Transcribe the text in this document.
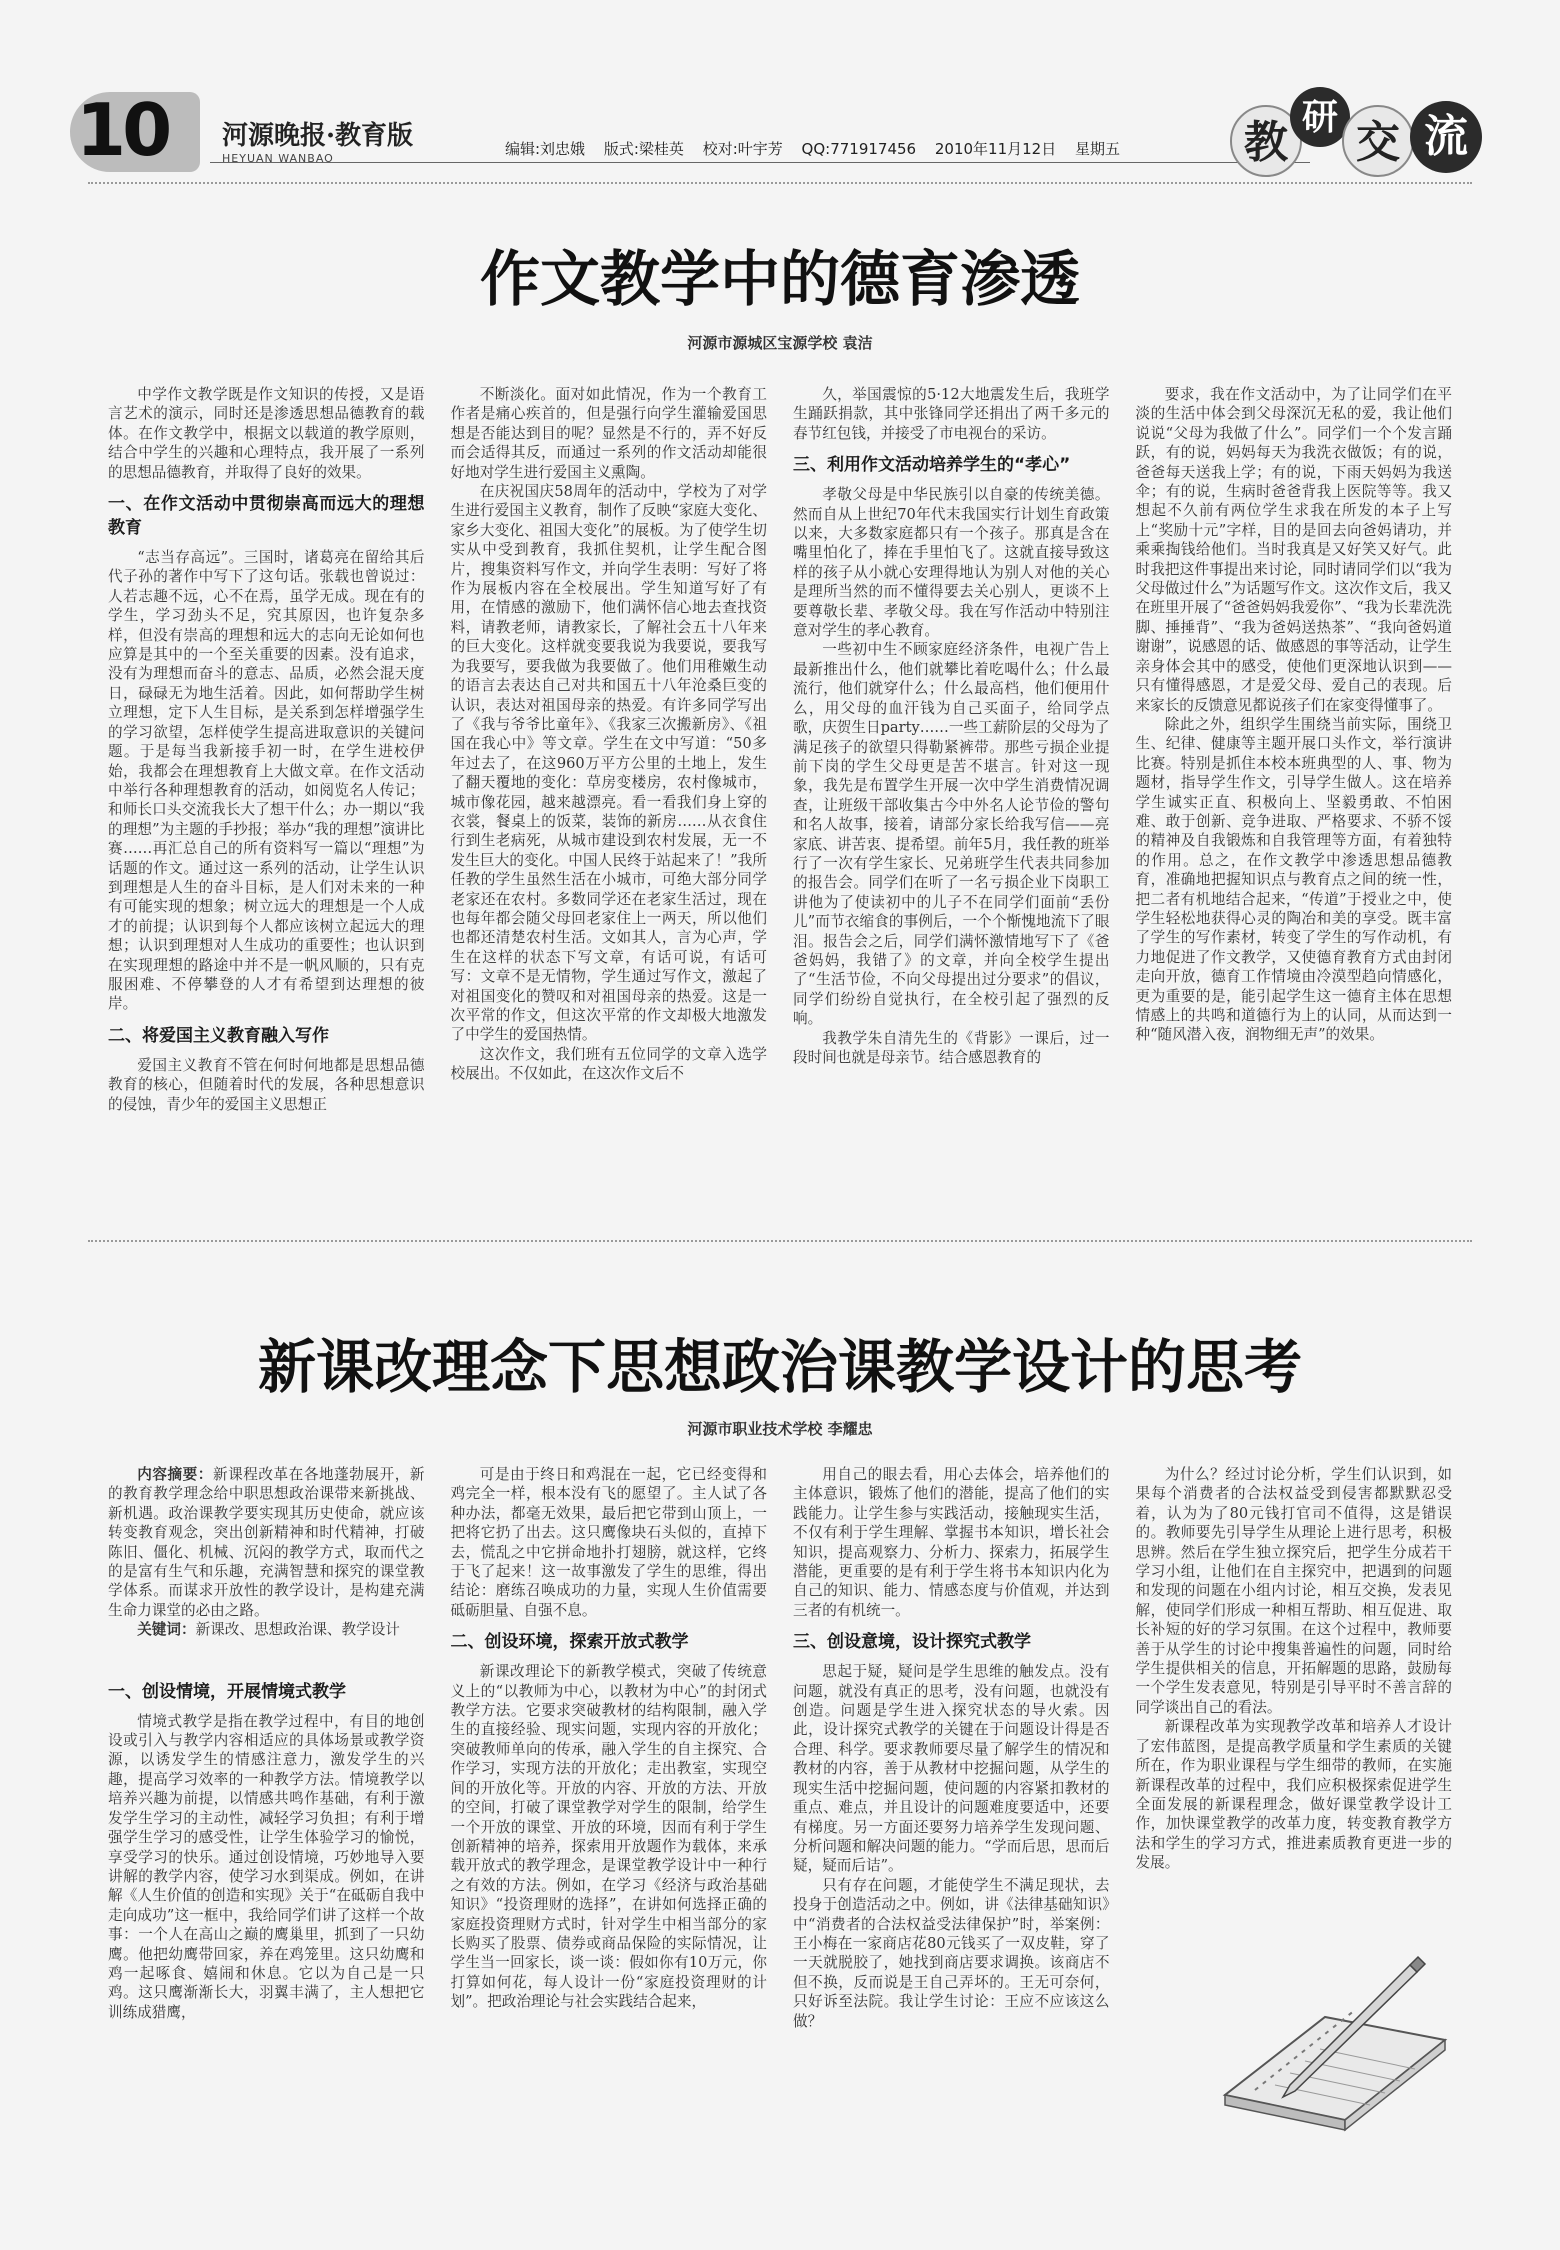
10 河源晚报·教育版
HEYUAN WANBAO
编辑:刘忠娥 版式:梁桂英 校对:叶宇芳 QQ:771917456 2010年11月12日 星期五	教 研 交 流
作文教学中的德育渗透
河源市源城区宝源学校 袁洁

中学作文教学既是作文知识的传授，又是语言艺术的演示，同时还是渗透思想品德教育的载体。在作文教学中，根据文以载道的教学原则，结合中学生的兴趣和心理特点，我开展了一系列的思想品德教育，并取得了良好的效果。

一、在作文活动中贯彻崇高而远大的理想教育

“志当存高远”。三国时，诸葛亮在留给其后代子孙的著作中写下了这句话。张载也曾说过：人若志趣不远，心不在焉，虽学无成。现在有的学生，学习劲头不足，究其原因，也许复杂多样，但没有崇高的理想和远大的志向无论如何也应算是其中的一个至关重要的因素。没有追求，没有为理想而奋斗的意志、品质，必然会混天度日，碌碌无为地生活着。因此，如何帮助学生树立理想，定下人生目标，是关系到怎样增强学生的学习欲望，怎样使学生提高进取意识的关键问题。于是每当我新接手初一时，在学生进校伊始，我都会在理想教育上大做文章。在作文活动中举行各种理想教育的活动，如阅览名人传记；和师长口头交流我长大了想干什么；办一期以“我的理想”为主题的手抄报；举办“我的理想”演讲比赛……再汇总自己的所有资料写一篇以“理想”为话题的作文。通过这一系列的活动，让学生认识到理想是人生的奋斗目标，是人们对未来的一种有可能实现的想象；树立远大的理想是一个人成才的前提；认识到每个人都应该树立起远大的理想；认识到理想对人生成功的重要性；也认识到在实现理想的路途中并不是一帆风顺的，只有克服困难、不停攀登的人才有希望到达理想的彼岸。

二、将爱国主义教育融入写作

爱国主义教育不管在何时何地都是思想品德教育的核心，但随着时代的发展，各种思想意识的侵蚀，青少年的爱国主义思想正

不断淡化。面对如此情况，作为一个教育工作者是痛心疾首的，但是强行向学生灌输爱国思想是否能达到目的呢？显然是不行的，弄不好反而会适得其反，而通过一系列的作文活动却能很好地对学生进行爱国主义熏陶。

在庆祝国庆58周年的活动中，学校为了对学生进行爱国主义教育，制作了反映“家庭大变化、家乡大变化、祖国大变化”的展板。为了使学生切实从中受到教育，我抓住契机，让学生配合图片，搜集资料写作文，并向学生表明：写好了将作为展板内容在全校展出。学生知道写好了有用，在情感的激励下，他们满怀信心地去查找资料，请教老师，请教家长，了解社会五十八年来的巨大变化。这样就变要我说为我要说，要我写为我要写，要我做为我要做了。他们用稚嫩生动的语言去表达自己对共和国五十八年沧桑巨变的认识，表达对祖国母亲的热爱。有许多同学写出了《我与爷爷比童年》、《我家三次搬新房》、《祖国在我心中》等文章。学生在文中写道：“50多年过去了，在这960万平方公里的土地上，发生了翻天覆地的变化：草房变楼房，农村像城市，城市像花园，越来越漂亮。看一看我们身上穿的衣裳，餐桌上的饭菜，装饰的新房……从衣食住行到生老病死，从城市建设到农村发展，无一不发生巨大的变化。中国人民终于站起来了！”我所任教的学生虽然生活在小城市，可绝大部分同学老家还在农村。多数同学还在老家生活过，现在也每年都会随父母回老家住上一两天，所以他们也都还清楚农村生活。文如其人，言为心声，学生在这样的状态下写文章，有话可说，有话可写：文章不是无情物，学生通过写作文，激起了对祖国变化的赞叹和对祖国母亲的热爱。这是一次平常的作文，但这次平常的作文却极大地激发了中学生的爱国热情。

这次作文，我们班有五位同学的文章入选学校展出。不仅如此，在这次作文后不

久，举国震惊的5·12大地震发生后，我班学生踊跃捐款，其中张锋同学还捐出了两千多元的春节红包钱，并接受了市电视台的采访。

三、利用作文活动培养学生的“孝心”

孝敬父母是中华民族引以自豪的传统美德。然而自从上世纪70年代末我国实行计划生育政策以来，大多数家庭都只有一个孩子。那真是含在嘴里怕化了，捧在手里怕飞了。这就直接导致这样的孩子从小就心安理得地认为别人对他的关心是理所当然的而不懂得要去关心别人，更谈不上要尊敬长辈、孝敬父母。我在写作活动中特别注意对学生的孝心教育。

一些初中生不顾家庭经济条件，电视广告上最新推出什么，他们就攀比着吃喝什么；什么最流行，他们就穿什么；什么最高档，他们便用什么，用父母的血汗钱为自己买面子，给同学点歌，庆贺生日party……一些工薪阶层的父母为了满足孩子的欲望只得勒紧裤带。那些亏损企业提前下岗的学生父母更是苦不堪言。针对这一现象，我先是布置学生开展一次中学生消费情况调查，让班级干部收集古今中外名人论节俭的警句和名人故事，接着，请部分家长给我写信——亮家底、讲苦衷、提希望。前年5月，我任教的班举行了一次有学生家长、兄弟班学生代表共同参加的报告会。同学们在听了一名亏损企业下岗职工讲他为了使读初中的儿子不在同学们面前“丢份儿”而节衣缩食的事例后，一个个惭愧地流下了眼泪。报告会之后，同学们满怀激情地写下了《爸爸妈妈，我错了》的文章，并向全校学生提出了“生活节俭，不向父母提出过分要求”的倡议，同学们纷纷自觉执行，在全校引起了强烈的反响。

我教学朱自清先生的《背影》一课后，过一段时间也就是母亲节。结合感恩教育的

要求，我在作文活动中，为了让同学们在平淡的生活中体会到父母深沉无私的爱，我让他们说说“父母为我做了什么”。同学们一个个发言踊跃，有的说，妈妈每天为我洗衣做饭；有的说，爸爸每天送我上学；有的说，下雨天妈妈为我送伞；有的说，生病时爸爸背我上医院等等。我又想起不久前有两位学生求我在所发的本子上写上“奖励十元”字样，目的是回去向爸妈请功，并乘乘掏钱给他们。当时我真是又好笑又好气。此时我把这件事提出来讨论，同时请同学们以“我为父母做过什么”为话题写作文。这次作文后，我又在班里开展了“爸爸妈妈我爱你”、“我为长辈洗洗脚、捶捶背”、“我为爸妈送热茶”、“我向爸妈道谢谢”，说感恩的话、做感恩的事等活动，让学生亲身体会其中的感受，使他们更深地认识到——只有懂得感恩，才是爱父母、爱自己的表现。后来家长的反馈意见都说孩子们在家变得懂事了。

除此之外，组织学生围绕当前实际，围绕卫生、纪律、健康等主题开展口头作文，举行演讲比赛。特别是抓住本校本班典型的人、事、物为题材，指导学生作文，引导学生做人。这在培养学生诚实正直、积极向上、坚毅勇敢、不怕困难、敢于创新、竞争进取、严格要求、不骄不馁的精神及自我锻炼和自我管理等方面，有着独特的作用。总之，在作文教学中渗透思想品德教育，准确地把握知识点与教育点之间的统一性，把二者有机地结合起来，“传道”于授业之中，使学生轻松地获得心灵的陶冶和美的享受。既丰富了学生的写作素材，转变了学生的写作动机，有力地促进了作文教学，又使德育教育方式由封闭走向开放，德育工作情境由冷漠型趋向情感化，更为重要的是，能引起学生这一德育主体在思想情感上的共鸣和道德行为上的认同，从而达到一种“随风潜入夜，润物细无声”的效果。

新课改理念下思想政治课教学设计的思考
河源市职业技术学校 李耀忠

内容摘要：新课程改革在各地蓬勃展开，新的教育教学理念给中职思想政治课带来新挑战、新机遇。政治课教学要实现其历史使命，就应该转变教育观念，突出创新精神和时代精神，打破陈旧、僵化、机械、沉闷的教学方式，取而代之的是富有生气和乐趣，充满智慧和探究的课堂教学体系。而谋求开放性的教学设计，是构建充满生命力课堂的必由之路。

关键词：新课改、思想政治课、教学设计

一、创设情境，开展情境式教学

情境式教学是指在教学过程中，有目的地创设或引入与教学内容相适应的具体场景或教学资源，以诱发学生的情感注意力，激发学生的兴趣，提高学习效率的一种教学方法。情境教学以培养兴趣为前提，以情感共鸣作基础，有利于激发学生学习的主动性，减轻学习负担；有利于增强学生学习的感受性，让学生体验学习的愉悦，享受学习的快乐。通过创设情境，巧妙地导入要讲解的教学内容，使学习水到渠成。例如，在讲解《人生价值的创造和实现》关于“在砥砺自我中走向成功”这一框中，我给同学们讲了这样一个故事：一个人在高山之巅的鹰巢里，抓到了一只幼鹰。他把幼鹰带回家，养在鸡笼里。这只幼鹰和鸡一起啄食、嬉闹和休息。它以为自己是一只鸡。这只鹰渐渐长大，羽翼丰满了，主人想把它训练成猎鹰，

可是由于终日和鸡混在一起，它已经变得和鸡完全一样，根本没有飞的愿望了。主人试了各种办法，都毫无效果，最后把它带到山顶上，一把将它扔了出去。这只鹰像块石头似的，直掉下去，慌乱之中它拼命地扑打翅膀，就这样，它终于飞了起来！这一故事激发了学生的思维，得出结论：磨练召唤成功的力量，实现人生价值需要砥砺胆量、自强不息。

二、创设环境，探索开放式教学

新课改理论下的新教学模式，突破了传统意义上的“以教师为中心，以教材为中心”的封闭式教学方法。它要求突破教材的结构限制，融入学生的直接经验、现实问题，实现内容的开放化；突破教师单向的传承，融入学生的自主探究、合作学习，实现方法的开放化；走出教室，实现空间的开放化等。开放的内容、开放的方法、开放的空间，打破了课堂教学对学生的限制，给学生一个开放的课堂、开放的环境，因而有利于学生创新精神的培养，探索用开放题作为载体，来承载开放式的教学理念，是课堂教学设计中一种行之有效的方法。例如，在学习《经济与政治基础知识》“投资理财的选择”，在讲如何选择正确的家庭投资理财方式时，针对学生中相当部分的家长购买了股票、债券或商品保险的实际情况，让学生当一回家长，谈一谈：假如你有10万元，你打算如何花，每人设计一份“家庭投资理财的计划”。把政治理论与社会实践结合起来，

用自己的眼去看，用心去体会，培养他们的主体意识，锻炼了他们的潜能，提高了他们的实践能力。让学生参与实践活动，接触现实生活，不仅有利于学生理解、掌握书本知识，增长社会知识，提高观察力、分析力、探索力，拓展学生潜能，更重要的是有利于学生将书本知识内化为自己的知识、能力、情感态度与价值观，并达到三者的有机统一。

三、创设意境，设计探究式教学

思起于疑，疑问是学生思维的触发点。没有问题，就没有真正的思考，没有问题，也就没有创造。问题是学生进入探究状态的导火索。因此，设计探究式教学的关键在于问题设计得是否合理、科学。要求教师要尽量了解学生的情况和教材的内容，善于从教材中挖掘问题，从学生的现实生活中挖掘问题，使问题的内容紧扣教材的重点、难点，并且设计的问题难度要适中，还要有梯度。另一方面还要努力培养学生发现问题、分析问题和解决问题的能力。“学而后思，思而后疑，疑而后诘”。

只有存在问题，才能使学生不满足现状，去投身于创造活动之中。例如，讲《法律基础知识》中“消费者的合法权益受法律保护”时，举案例：王小梅在一家商店花80元钱买了一双皮鞋，穿了一天就脱胶了，她找到商店要求调换。该商店不但不换，反而说是王自己弄坏的。王无可奈何，只好诉至法院。我让学生讨论：王应不应该这么做？

为什么？经过讨论分析，学生们认识到，如果每个消费者的合法权益受到侵害都默默忍受着，认为为了80元钱打官司不值得，这是错误的。教师要先引导学生从理论上进行思考，积极思辨。然后在学生独立探究后，把学生分成若干学习小组，让他们在自主探究中，把遇到的问题和发现的问题在小组内讨论，相互交换，发表见解，使同学们形成一种相互帮助、相互促进、取长补短的好的学习氛围。在这个过程中，教师要善于从学生的讨论中搜集普遍性的问题，同时给学生提供相关的信息，开拓解题的思路，鼓励每一个学生发表意见，特别是引导平时不善言辞的同学谈出自己的看法。

新课程改革为实现教学改革和培养人才设计了宏伟蓝图，是提高教学质量和学生素质的关键所在，作为职业课程与学生细带的教师，在实施新课程改革的过程中，我们应积极探索促进学生全面发展的新课程理念，做好课堂教学设计工作，加快课堂教学的改革力度，转变教育教学方法和学生的学习方式，推进素质教育更进一步的发展。
